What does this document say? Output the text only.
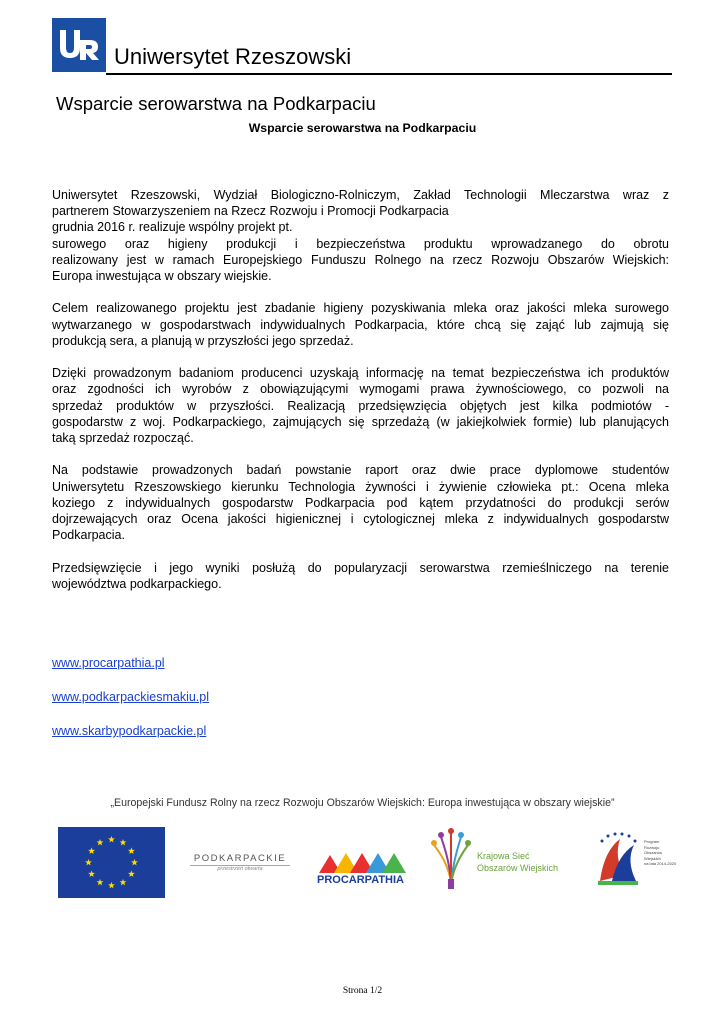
Uniwersytet Rzeszowski
Wsparcie serowarstwa na Podkarpaciu
Wsparcie serowarstwa na Podkarpaciu

Uniwersytet Rzeszowski, Wydział Biologiczno-Rolniczym, Zakład Technologii Mleczarstwa wraz z
partnerem Stowarzyszeniem na Rzecz Rozwoju i Promocji Podkarpacia
grudnia 2016 r. realizuje wspólny projekt pt.
surowego oraz higieny produkcji i bezpieczeństwa produktu wprowadzanego do obrotu
realizowany jest w ramach Europejskiego Funduszu Rolnego na rzecz Rozwoju Obszarów Wiejskich:
Europa inwestująca w obszary wiejskie.

Celem realizowanego projektu jest zbadanie higieny pozyskiwania mleka oraz jakości mleka surowego
wytwarzanego w gospodarstwach indywidualnych Podkarpacia, które chcą się zająć lub zajmują się
produkcją sera, a planują w przyszłości jego sprzedaż.

Dzięki prowadzonym badaniom producenci uzyskają informację na temat bezpieczeństwa ich produktów
oraz zgodności ich wyrobów z obowiązującymi wymogami prawa żywnościowego, co pozwoli na
sprzedaż produktów w przyszłości. Realizacją przedsięwzięcia objętych jest kilka podmiotów -
gospodarstw z woj. Podkarpackiego, zajmujących się sprzedażą (w jakiejkolwiek formie) lub planujących
taką sprzedaż rozpocząć.

Na podstawie prowadzonych badań powstanie raport oraz dwie prace dyplomowe studentów
Uniwersytetu Rzeszowskiego kierunku Technologia żywności i żywienie człowieka pt.: Ocena mleka
koziego z indywidualnych gospodarstw Podkarpacia pod kątem przydatności do produkcji serów
dojrzewających oraz Ocena jakości higienicznej i cytologicznej mleka z indywidualnych gospodarstw
Podkarpacia.

Przedsięwzięcie i jego wyniki posłużą do popularyzacji serowarstwa rzemieślniczego na terenie
województwa podkarpackiego.

www.procarpathia.pl
www.podkarpackiesmakiu.pl
www.skarbypodkarpackie.pl
„Europejski Fundusz Rolny na rzecz Rozwoju Obszarów Wiejskich: Europa inwestująca w obszary wiejskie”
PODKARPACKIE
przestrzeń otwarta
PROCARPATHIA
Krajowa Sieć
Obszarów Wiejskich
Program
Rozwoju
Obszarów
Wiejskich
na lata 2014-2020
Strona 1/2
